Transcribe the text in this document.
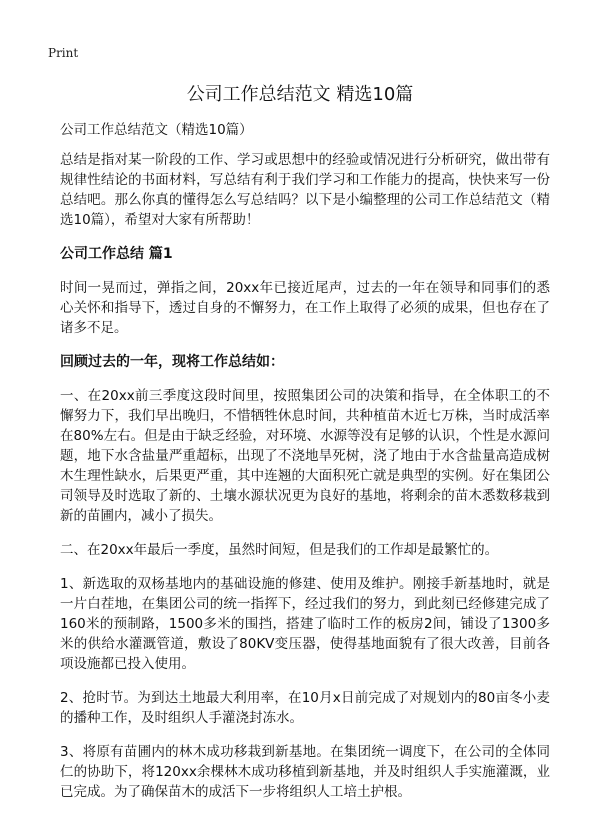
Print
公司工作总结范文 精选10篇

公司工作总结范文（精选10篇）

总结是指对某一阶段的工作、学习或思想中的经验或情况进行分析研究，做出带有规律性结论的书面材料，写总结有利于我们学习和工作能力的提高，快快来写一份总结吧。那么你真的懂得怎么写总结吗？以下是小编整理的公司工作总结范文（精选10篇），希望对大家有所帮助！

公司工作总结 篇1

时间一晃而过，弹指之间，20xx年已接近尾声，过去的一年在领导和同事们的悉心关怀和指导下，透过自身的不懈努力，在工作上取得了必须的成果，但也存在了诸多不足。

回顾过去的一年，现将工作总结如：

一、在20xx前三季度这段时间里，按照集团公司的决策和指导，在全体职工的不懈努力下，我们早出晚归，不惜牺牲休息时间，共种植苗木近七万株，当时成活率在80%左右。但是由于缺乏经验，对环境、水源等没有足够的认识，个性是水源问题，地下水含盐量严重超标，出现了不浇地旱死树，浇了地由于水含盐量高造成树木生理性缺水，后果更严重，其中连翘的大面积死亡就是典型的实例。好在集团公司领导及时选取了新的、土壤水源状况更为良好的基地，将剩余的苗木悉数移栽到新的苗圃内，减小了损失。

二、在20xx年最后一季度，虽然时间短，但是我们的工作却是最繁忙的。

1、新选取的双杨基地内的基础设施的修建、使用及维护。刚接手新基地时，就是一片白茬地，在集团公司的统一指挥下，经过我们的努力，到此刻已经修建完成了160米的预制路，1500多米的围挡，搭建了临时工作的板房2间，铺设了1300多米的供给水灌溉管道，敷设了80KV变压器，使得基地面貌有了很大改善，目前各项设施都已投入使用。

2、抢时节。为到达土地最大利用率，在10月x日前完成了对规划内的80亩冬小麦的播种工作，及时组织人手灌浇封冻水。

3、将原有苗圃内的林木成功移栽到新基地。在集团统一调度下，在公司的全体同仁的协助下，将120xx余棵林木成功移植到新基地，并及时组织人手实施灌溉，业已完成。为了确保苗木的成活下一步将组织人工培土护根。
